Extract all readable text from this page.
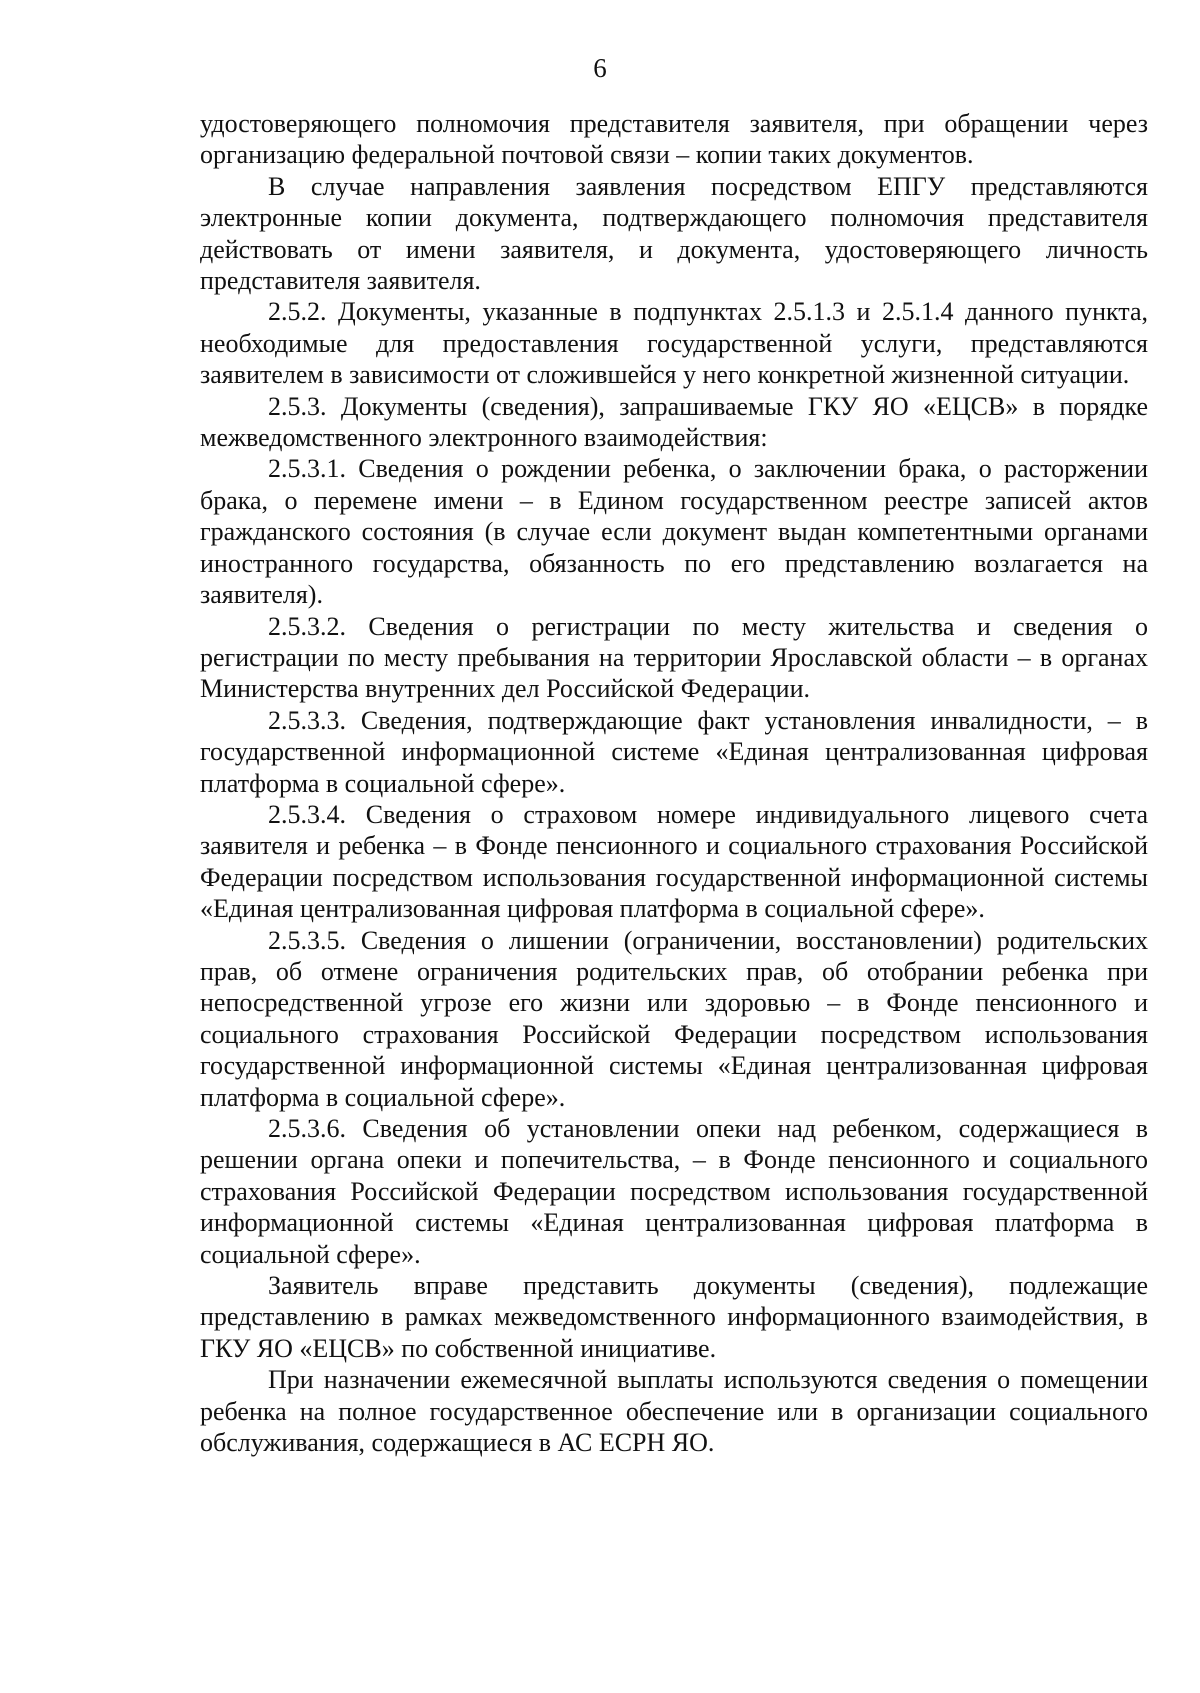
6

удостоверяющего полномочия представителя заявителя, при обращении через организацию федеральной почтовой связи – копии таких документов.

В случае направления заявления посредством ЕПГУ представляются электронные копии документа, подтверждающего полномочия представителя действовать от имени заявителя, и документа, удостоверяющего личность представителя заявителя.

2.5.2. Документы, указанные в подпунктах 2.5.1.3 и 2.5.1.4 данного пункта, необходимые для предоставления государственной услуги, представляются заявителем в зависимости от сложившейся у него конкретной жизненной ситуации.

2.5.3. Документы (сведения), запрашиваемые ГКУ ЯО «ЕЦСВ» в порядке межведомственного электронного взаимодействия:

2.5.3.1. Сведения о рождении ребенка, о заключении брака, о расторжении брака, о перемене имени – в Едином государственном реестре записей актов гражданского состояния (в случае если документ выдан компетентными органами иностранного государства, обязанность по его представлению возлагается на заявителя).

2.5.3.2. Сведения о регистрации по месту жительства и сведения о регистрации по месту пребывания на территории Ярославской области – в органах Министерства внутренних дел Российской Федерации.

2.5.3.3. Сведения, подтверждающие факт установления инвалидности, – в государственной информационной системе «Единая централизованная цифровая платформа в социальной сфере».

2.5.3.4. Сведения о страховом номере индивидуального лицевого счета заявителя и ребенка – в Фонде пенсионного и социального страхования Российской Федерации посредством использования государственной информационной системы «Единая централизованная цифровая платформа в социальной сфере».

2.5.3.5. Сведения о лишении (ограничении, восстановлении) родительских прав, об отмене ограничения родительских прав, об отобрании ребенка при непосредственной угрозе его жизни или здоровью – в Фонде пенсионного и социального страхования Российской Федерации посредством использования государственной информационной системы «Единая централизованная цифровая платформа в социальной сфере».

2.5.3.6. Сведения об установлении опеки над ребенком, содержащиеся в решении органа опеки и попечительства, – в Фонде пенсионного и социального страхования Российской Федерации посредством использования государственной информационной системы «Единая централизованная цифровая платформа в социальной сфере».

Заявитель вправе представить документы (сведения), подлежащие представлению в рамках межведомственного информационного взаимодействия, в ГКУ ЯО «ЕЦСВ» по собственной инициативе.

При назначении ежемесячной выплаты используются сведения о помещении ребенка на полное государственное обеспечение или в организации социального обслуживания, содержащиеся в АС ЕСРН ЯО.
